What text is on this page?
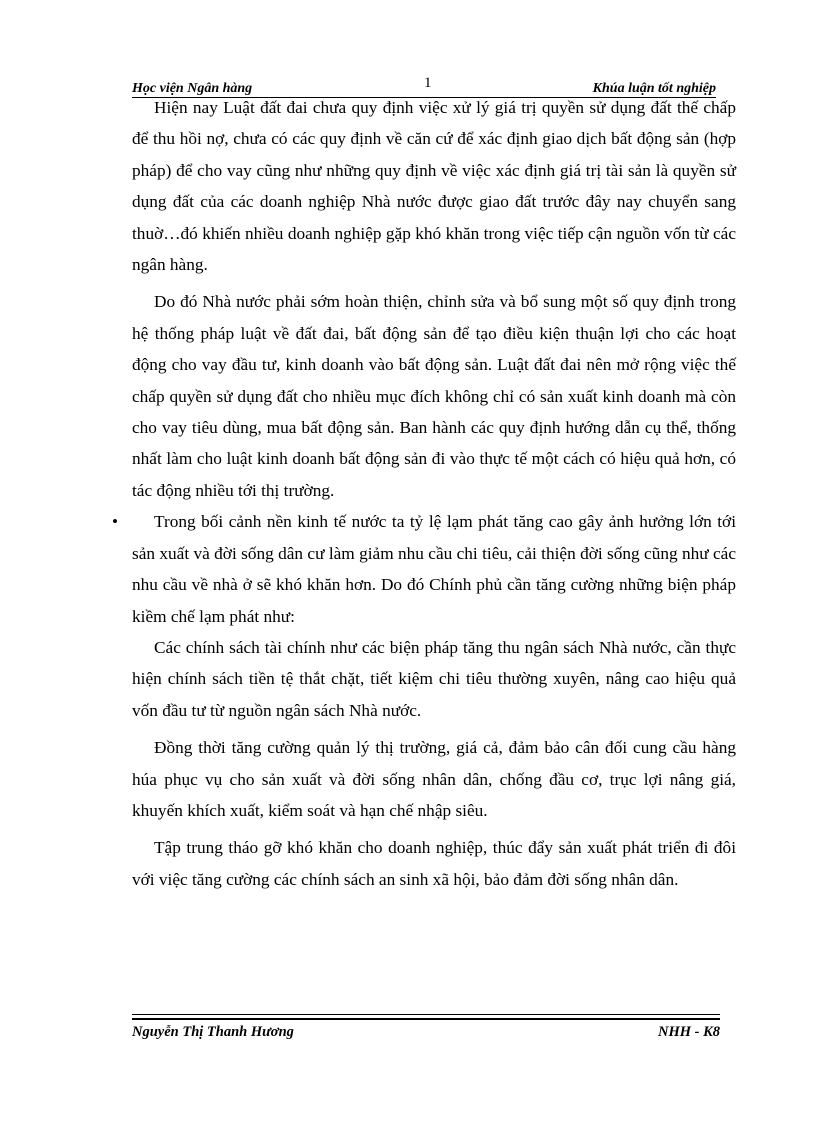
Học viện Ngân hàng	1	Khúa luận tốt nghiệp

Hiện nay Luật đất đai chưa quy định việc xử lý giá trị quyền sử dụng đất thế chấp để thu hồi nợ, chưa có các quy định về căn cứ để xác định giao dịch bất động sản (hợp pháp) để cho vay cũng như những quy định về việc xác định giá trị tài sản là quyền sử dụng đất của các doanh nghiệp Nhà nước được giao đất trước đây nay chuyển sang thuờ…đó khiến nhiều doanh nghiệp gặp khó khăn trong việc tiếp cận nguồn vốn từ các ngân hàng.

Do đó Nhà nước phải sớm hoàn thiện, chỉnh sửa và bổ sung một số quy định trong hệ thống pháp luật về đất đai, bất động sản để tạo điều kiện thuận lợi cho các hoạt động cho vay đầu tư, kinh doanh vào bất động sản. Luật đất đai nên mở rộng việc thế chấp quyền sử dụng đất cho nhiều mục đích không chỉ có sản xuất kinh doanh mà còn cho vay tiêu dùng, mua bất động sản. Ban hành các quy định hướng dẫn cụ thể, thống nhất làm cho luật kinh doanh bất động sản đi vào thực tế một cách có hiệu quả hơn, có tác động nhiều tới thị trường.

•	Trong bối cảnh nền kinh tế nước ta tỷ lệ lạm phát tăng cao gây ảnh hưởng lớn tới sản xuất và đời sống dân cư làm giảm nhu cầu chi tiêu, cải thiện đời sống cũng như các nhu cầu về nhà ở sẽ khó khăn hơn. Do đó Chính phủ cần tăng cường những biện pháp kiềm chế lạm phát như:

Các chính sách tài chính như các biện pháp tăng thu ngân sách Nhà nước, cần thực hiện chính sách tiền tệ thắt chặt, tiết kiệm chi tiêu thường xuyên, nâng cao hiệu quả vốn đầu tư từ nguồn ngân sách Nhà nước.

Đồng thời tăng cường quản lý thị trường, giá cả, đảm bảo cân đối cung cầu hàng húa phục vụ cho sản xuất và đời sống nhân dân, chống đầu cơ, trục lợi nâng giá, khuyến khích xuất, kiểm soát và hạn chế nhập siêu.

Tập trung tháo gỡ khó khăn cho doanh nghiệp, thúc đẩy sản xuất phát triển đi đôi với việc tăng cường các chính sách an sinh xã hội, bảo đảm đời sống nhân dân.

Nguyễn Thị Thanh Hương	NHH - K8
